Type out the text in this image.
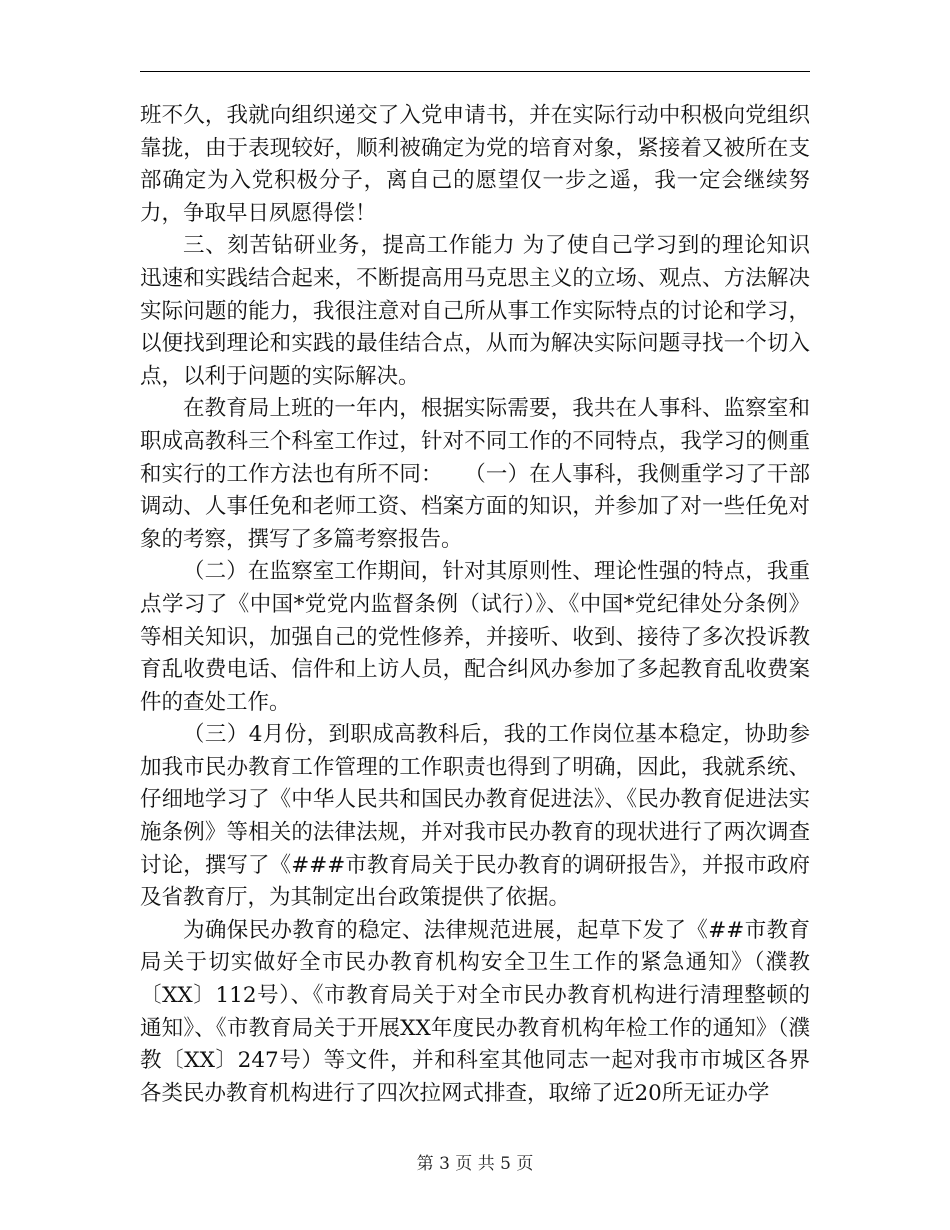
班不久，我就向组织递交了入党申请书，并在实际行动中积极向党组织靠拢，由于表现较好，顺利被确定为党的培育对象，紧接着又被所在支部确定为入党积极分子，离自己的愿望仅一步之遥，我一定会继续努力，争取早日夙愿得偿！

三、刻苦钻研业务，提高工作能力 为了使自己学习到的理论知识迅速和实践结合起来，不断提高用马克思主义的立场、观点、方法解决实际问题的能力，我很注意对自己所从事工作实际特点的讨论和学习，以便找到理论和实践的最佳结合点，从而为解决实际问题寻找一个切入点，以利于问题的实际解决。

在教育局上班的一年内，根据实际需要，我共在人事科、监察室和职成高教科三个科室工作过，针对不同工作的不同特点，我学习的侧重和实行的工作方法也有所不同：　　（一）在人事科，我侧重学习了干部调动、人事任免和老师工资、档案方面的知识，并参加了对一些任免对象的考察，撰写了多篇考察报告。

（二）在监察室工作期间，针对其原则性、理论性强的特点，我重点学习了《中国*党党内监督条例（试行）》、《中国*党纪律处分条例》等相关知识，加强自己的党性修养，并接听、收到、接待了多次投诉教育乱收费电话、信件和上访人员，配合纠风办参加了多起教育乱收费案件的查处工作。

（三）4月份，到职成高教科后，我的工作岗位基本稳定，协助参加我市民办教育工作管理的工作职责也得到了明确，因此，我就系统、仔细地学习了《中华人民共和国民办教育促进法》、《民办教育促进法实施条例》等相关的法律法规，并对我市民办教育的现状进行了两次调查讨论，撰写了《###市教育局关于民办教育的调研报告》，并报市政府及省教育厅，为其制定出台政策提供了依据。

为确保民办教育的稳定、法律规范进展，起草下发了《##市教育局关于切实做好全市民办教育机构安全卫生工作的紧急通知》（濮教〔XX〕112号）、《市教育局关于对全市民办教育机构进行清理整顿的通知》、《市教育局关于开展XX年度民办教育机构年检工作的通知》（濮教〔XX〕247号）等文件，并和科室其他同志一起对我市市城区各界各类民办教育机构进行了四次拉网式排查，取缔了近20所无证办学

第 3 页 共 5 页
